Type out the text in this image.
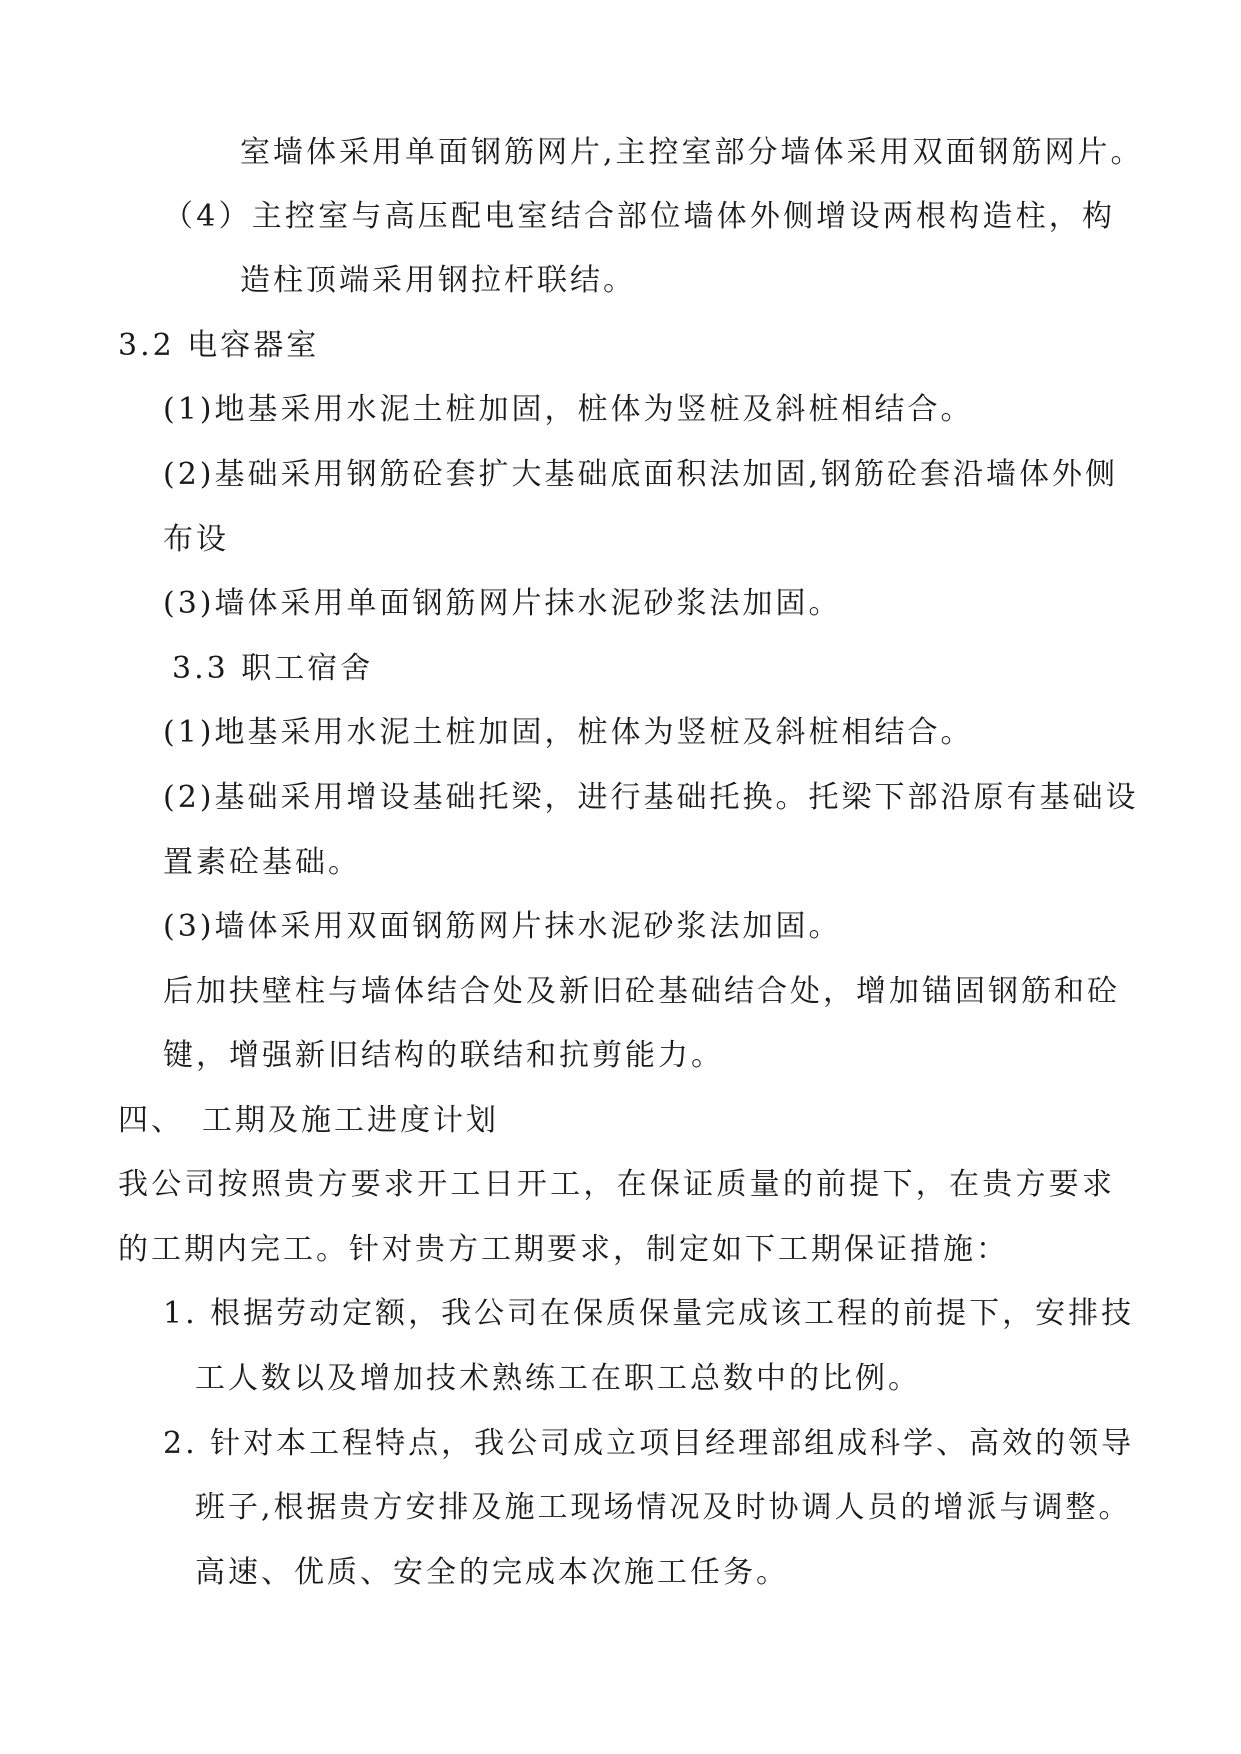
室墙体采用单面钢筋网片,主控室部分墙体采用双面钢筋网片。
（4）主控室与高压配电室结合部位墙体外侧增设两根构造柱，构
造柱顶端采用钢拉杆联结。
3.2 电容器室
(1)地基采用水泥土桩加固，桩体为竖桩及斜桩相结合。
(2)基础采用钢筋砼套扩大基础底面积法加固,钢筋砼套沿墙体外侧
布设
(3)墙体采用单面钢筋网片抹水泥砂浆法加固。
3.3 职工宿舍
(1)地基采用水泥土桩加固，桩体为竖桩及斜桩相结合。
(2)基础采用增设基础托梁，进行基础托换。托梁下部沿原有基础设
置素砼基础。
(3)墙体采用双面钢筋网片抹水泥砂浆法加固。
后加扶壁柱与墙体结合处及新旧砼基础结合处，增加锚固钢筋和砼
键，增强新旧结构的联结和抗剪能力。
四、　工期及施工进度计划
我公司按照贵方要求开工日开工，在保证质量的前提下，在贵方要求
的工期内完工。针对贵方工期要求，制定如下工期保证措施：
1. 根据劳动定额，我公司在保质保量完成该工程的前提下，安排技
工人数以及增加技术熟练工在职工总数中的比例。
2. 针对本工程特点，我公司成立项目经理部组成科学、高效的领导
班子,根据贵方安排及施工现场情况及时协调人员的增派与调整。
高速、优质、安全的完成本次施工任务。
